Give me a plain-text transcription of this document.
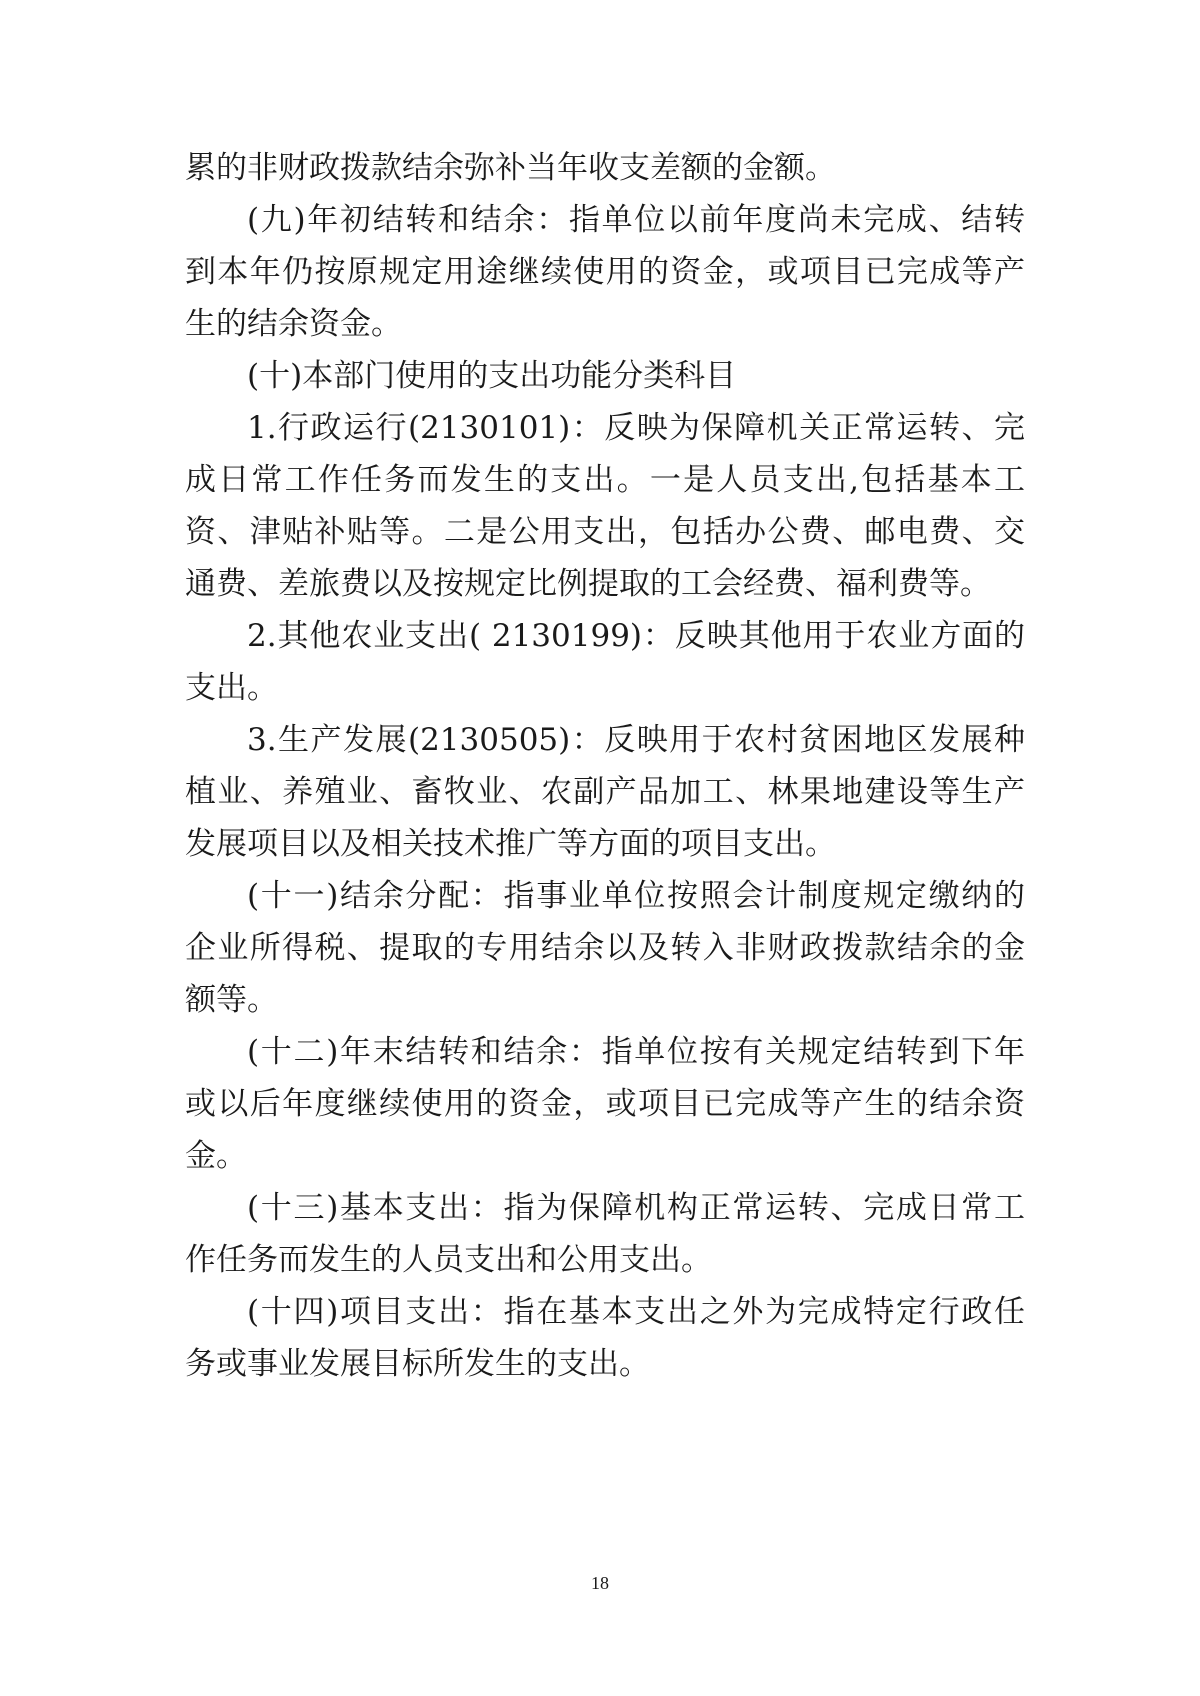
累的非财政拨款结余弥补当年收支差额的金额。
(九)年初结转和结余：指单位以前年度尚未完成、结转
到本年仍按原规定用途继续使用的资金，或项目已完成等产
生的结余资金。
(十)本部门使用的支出功能分类科目
1.行政运行(2130101)：反映为保障机关正常运转、完
成日常工作任务而发生的支出。一是人员支出,包括基本工
资、津贴补贴等。二是公用支出，包括办公费、邮电费、交
通费、差旅费以及按规定比例提取的工会经费、福利费等。
2.其他农业支出( 2130199)：反映其他用于农业方面的
支出。
3.生产发展(2130505)：反映用于农村贫困地区发展种
植业、养殖业、畜牧业、农副产品加工、林果地建设等生产
发展项目以及相关技术推广等方面的项目支出。
(十一)结余分配：指事业单位按照会计制度规定缴纳的
企业所得税、提取的专用结余以及转入非财政拨款结余的金
额等。
(十二)年末结转和结余：指单位按有关规定结转到下年
或以后年度继续使用的资金，或项目已完成等产生的结余资
金。
(十三)基本支出：指为保障机构正常运转、完成日常工
作任务而发生的人员支出和公用支出。
(十四)项目支出：指在基本支出之外为完成特定行政任
务或事业发展目标所发生的支出。
18
